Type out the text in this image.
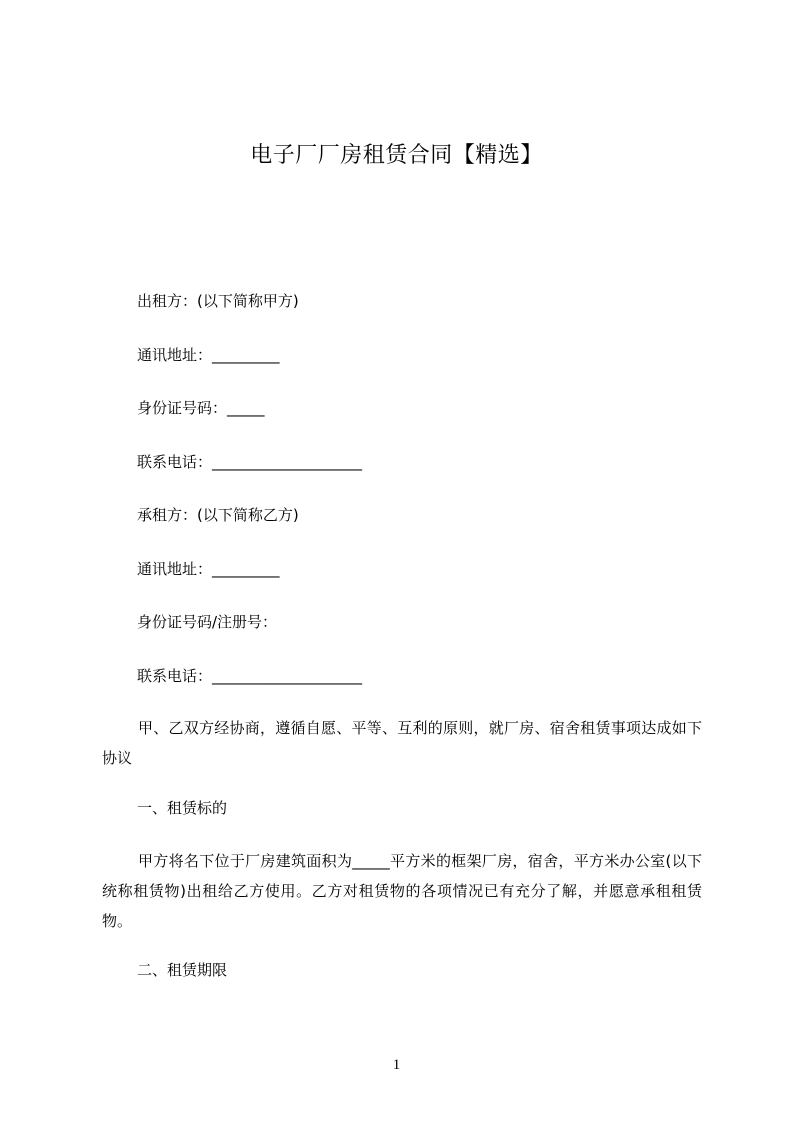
电子厂厂房租赁合同【精选】

出租方：(以下简称甲方)

通讯地址：_________

身份证号码：_____

联系电话：____________________

承租方：(以下简称乙方)

通讯地址：_________

身份证号码/注册号：

联系电话：____________________

甲、乙双方经协商，遵循自愿、平等、互利的原则，就厂房、宿舍租赁事项达成如下协议

一、租赁标的

甲方将名下位于厂房建筑面积为_____平方米的框架厂房，宿舍，平方米办公室(以下统称租赁物)出租给乙方使用。乙方对租赁物的各项情况已有充分了解，并愿意承租租赁物。

二、租赁期限

1
